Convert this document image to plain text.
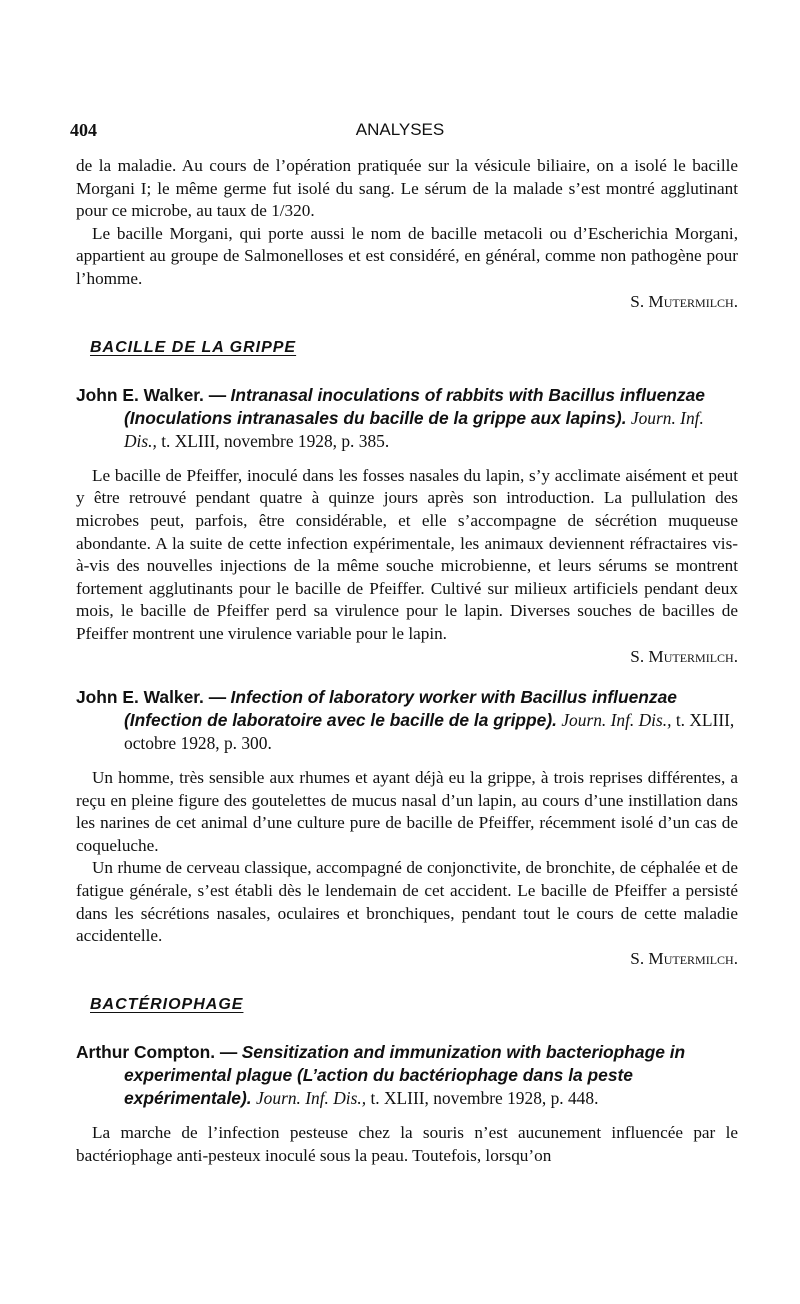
404	ANALYSES

de la maladie. Au cours de l’opération pratiquée sur la vésicule biliaire, on a isolé le bacille Morgani I; le même germe fut isolé du sang. Le sérum de la malade s’est montré agglutinant pour ce microbe, au taux de 1/320.

Le bacille Morgani, qui porte aussi le nom de bacille metacoli ou d’Escherichia Morgani, appartient au groupe de Salmonelloses et est considéré, en général, comme non pathogène pour l’homme.

S. Mutermilch.

BACILLE DE LA GRIPPE

John E. Walker. — Intranasal inoculations of rabbits with Bacillus influenzae (Inoculations intranasales du bacille de la grippe aux lapins). Journ. Inf. Dis., t. XLIII, novembre 1928, p. 385.

Le bacille de Pfeiffer, inoculé dans les fosses nasales du lapin, s’y acclimate aisément et peut y être retrouvé pendant quatre à quinze jours après son introduction. La pullulation des microbes peut, parfois, être considérable, et elle s’accompagne de sécrétion muqueuse abondante. A la suite de cette infection expérimentale, les animaux deviennent réfractaires vis-à-vis des nouvelles injections de la même souche microbienne, et leurs sérums se montrent fortement agglutinants pour le bacille de Pfeiffer. Cultivé sur milieux artificiels pendant deux mois, le bacille de Pfeiffer perd sa virulence pour le lapin. Diverses souches de bacilles de Pfeiffer montrent une virulence variable pour le lapin.

S. Mutermilch.

John E. Walker. — Infection of laboratory worker with Bacillus influenzae (Infection de laboratoire avec le bacille de la grippe). Journ. Inf. Dis., t. XLIII, octobre 1928, p. 300.

Un homme, très sensible aux rhumes et ayant déjà eu la grippe, à trois reprises différentes, a reçu en pleine figure des goutelettes de mucus nasal d’un lapin, au cours d’une instillation dans les narines de cet animal d’une culture pure de bacille de Pfeiffer, récemment isolé d’un cas de coqueluche.

Un rhume de cerveau classique, accompagné de conjonctivite, de bronchite, de céphalée et de fatigue générale, s’est établi dès le lendemain de cet accident. Le bacille de Pfeiffer a persisté dans les sécrétions nasales, oculaires et bronchiques, pendant tout le cours de cette maladie accidentelle.

S. Mutermilch.

BACTÉRIOPHAGE

Arthur Compton. — Sensitization and immunization with bacteriophage in experimental plague (L’action du bactériophage dans la peste expérimentale). Journ. Inf. Dis., t. XLIII, novembre 1928, p. 448.

La marche de l’infection pesteuse chez la souris n’est aucunement influencée par le bactériophage anti-pesteux inoculé sous la peau. Toutefois, lorsqu’on
